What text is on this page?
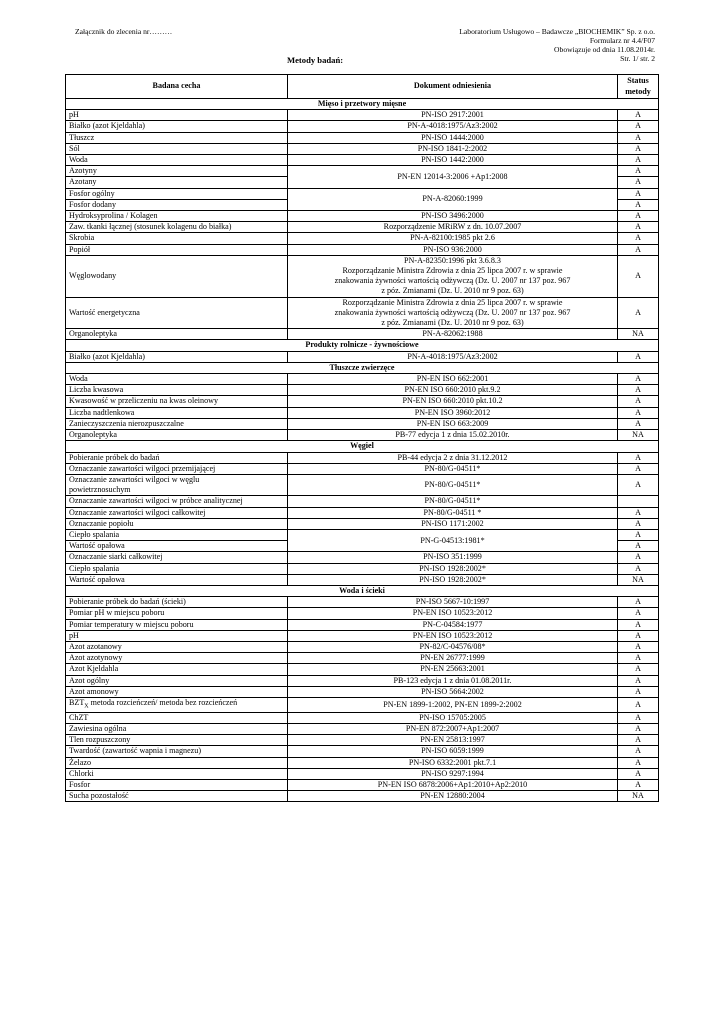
Załącznik do zlecenia nr………	Laboratorium Usługowo – Badawcze „BIOCHEMIK” Sp. z o.o.
Formularz nr 4.4/F07
Obowiązuje od dnia 11.08.2014r.
Str. 1/ str. 2
Metody badań:
Badana cecha	Dokument odniesienia	Status
metody
Mięso i przetwory mięsne		
pH	PN-ISO 2917:2001	A
Białko (azot Kjeldahla)	PN-A-4018:1975/Az3:2002	A
Tłuszcz	PN-ISO 1444:2000	A
Sól	PN-ISO 1841-2:2002	A
Woda	PN-ISO 1442:2000	A
Azotyny	PN-EN 12014-3:2006 +Ap1:2008	A
Azotany		A
Fosfor ogólny	PN-A-82060:1999	A
Fosfor dodany		A
Hydroksyprolina / Kolagen	PN-ISO 3496:2000	A
Zaw. tkanki łącznej (stosunek kolagenu do białka)	Rozporządzenie MRiRW z dn. 10.07.2007	A
Skrobia	PN-A-82100:1985 pkt 2.6	A
Popiół	PN-ISO 936:2000	A
Węglowodany	PN-A-82350:1996 pkt 3.6.8.3
Rozporządzanie Ministra Zdrowia z dnia 25 lipca 2007 r. w sprawie
znakowania żywności wartością odżywczą (Dz. U. 2007 nr 137 poz. 967
z póz. Zmianami (Dz. U. 2010 nr 9 poz. 63)	A
Wartość energetyczna	Rozporządzanie Ministra Zdrowia z dnia 25 lipca 2007 r. w sprawie
znakowania żywności wartością odżywczą (Dz. U. 2007 nr 137 poz. 967
z póz. Zmianami (Dz. U. 2010 nr 9 poz. 63)	A
Organoleptyka	PN-A-82062:1988	NA
Produkty rolnicze - żywnościowe		
Białko (azot Kjeldahla)	PN-A-4018:1975/Az3:2002	A
Tłuszcze zwierzęce		
Woda	PN-EN ISO 662:2001	A
Liczba kwasowa	PN-EN ISO 660:2010 pkt.9.2	A
Kwasowość w przeliczeniu na kwas oleinowy	PN-EN ISO 660:2010 pkt.10.2	A
Liczba nadtlenkowa	PN-EN ISO 3960:2012	A
Zanieczyszczenia nierozpuszczalne	PN-EN ISO 663:2009	A
Organoleptyka	PB-77 edycja 1 z dnia 15.02.2010r.	NA
Węgiel		
Pobieranie próbek do badań	PB-44 edycja 2 z dnia 31.12.2012	A
Oznaczanie zawartości wilgoci przemijającej	PN-80/G-04511*	A

Oznaczanie zawartości wilgoci w węglu
powietrznosuchym	PN-80/G-04511*	A
Oznaczanie zawartości wilgoci w próbce analitycznej	PN-80/G-04511*	
Oznaczanie zawartości wilgoci całkowitej	PN-80/G-04511 *	A
Oznaczanie popiołu	PN-ISO 1171:2002	A
Ciepło spalania	PN-G-04513:1981*	A
Wartość opałowa		A
Oznaczanie siarki całkowitej	PN-ISO 351:1999	A
Ciepło spalania	PN-ISO 1928:2002*	A
Wartość opałowa	PN-ISO 1928:2002*	NA
Woda i ścieki		
Pobieranie próbek do badań (ścieki)	PN-ISO 5667-10:1997	A
Pomiar pH w miejscu poboru	PN-EN ISO 10523:2012	A
Pomiar temperatury w miejscu poboru	PN-C-04584:1977	A
pH	PN-EN ISO 10523:2012	A
Azot azotanowy	PN-82/C-04576/08*	A
Azot azotynowy	PN-EN 26777:1999	A
Azot Kjeldahla	PN-EN 25663:2001	A
Azot ogólny	PB-123 edycja 1 z dnia 01.08.2011r.	A
Azot amonowy	PN-ISO 5664:2002	A
$BZT_X$ metoda rozcieńczeń/ metoda bez rozcieńczeń	PN-EN 1899-1:2002, PN-EN 1899-2:2002	A
ChZT	PN-ISO 15705:2005	A
Zawiesina ogólna	PN-EN 872:2007+Ap1:2007	A
Tlen rozpuszczony	PN-EN 25813:1997	A
Twardość (zawartość wapnia i magnezu)	PN-ISO 6059:1999	A
Żelazo	PN-ISO 6332:2001 pkt.7.1	A
Chlorki	PN-ISO 9297:1994	A
Fosfor	PN-EN ISO 6878:2006+Ap1:2010+Ap2:2010	A
Sucha pozostałość	PN-EN 12880:2004	NA
